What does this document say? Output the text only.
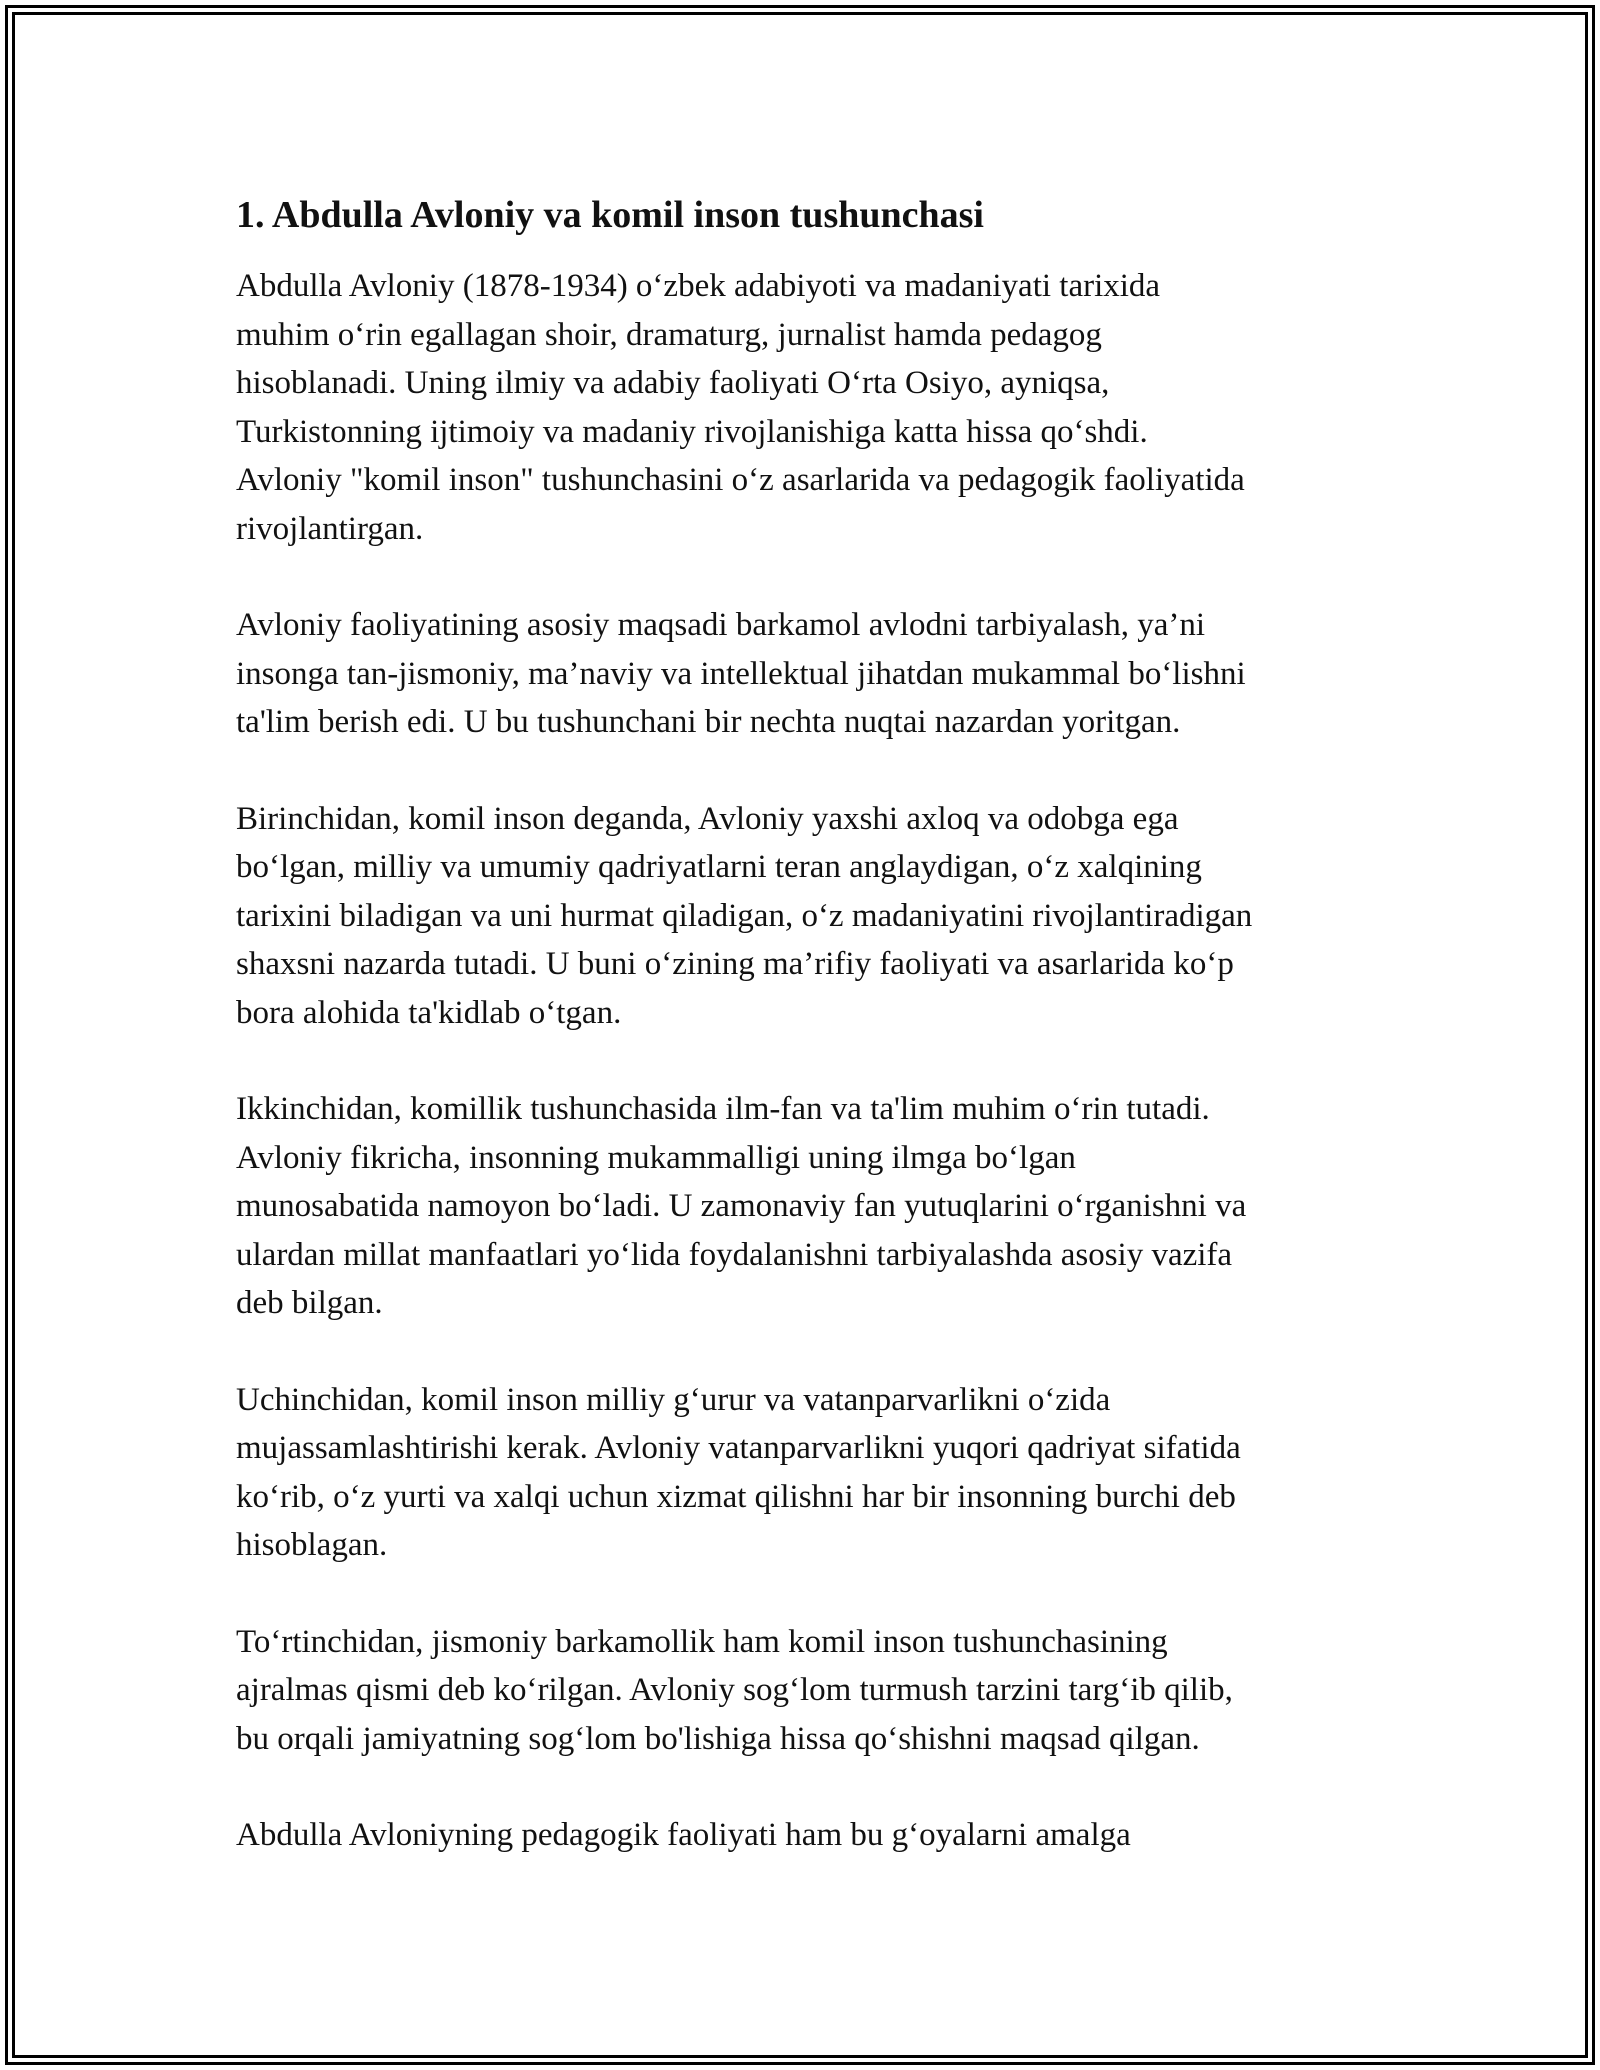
1. Abdulla Avloniy va komil inson tushunchasi

Abdulla Avloniy (1878-1934) o‘zbek adabiyoti va madaniyati tarixida
muhim o‘rin egallagan shoir, dramaturg, jurnalist hamda pedagog
hisoblanadi. Uning ilmiy va adabiy faoliyati O‘rta Osiyo, ayniqsa,
Turkistonning ijtimoiy va madaniy rivojlanishiga katta hissa qo‘shdi.
Avloniy "komil inson" tushunchasini o‘z asarlarida va pedagogik faoliyatida
rivojlantirgan.

Avloniy faoliyatining asosiy maqsadi barkamol avlodni tarbiyalash, ya’ni
insonga tan-jismoniy, ma’naviy va intellektual jihatdan mukammal bo‘lishni
ta'lim berish edi. U bu tushunchani bir nechta nuqtai nazardan yoritgan.

Birinchidan, komil inson deganda, Avloniy yaxshi axloq va odobga ega
bo‘lgan, milliy va umumiy qadriyatlarni teran anglaydigan, o‘z xalqining
tarixini biladigan va uni hurmat qiladigan, o‘z madaniyatini rivojlantiradigan
shaxsni nazarda tutadi. U buni o‘zining ma’rifiy faoliyati va asarlarida ko‘p
bora alohida ta'kidlab o‘tgan.

Ikkinchidan, komillik tushunchasida ilm-fan va ta'lim muhim o‘rin tutadi.
Avloniy fikricha, insonning mukammalligi uning ilmga bo‘lgan
munosabatida namoyon bo‘ladi. U zamonaviy fan yutuqlarini o‘rganishni va
ulardan millat manfaatlari yo‘lida foydalanishni tarbiyalashda asosiy vazifa
deb bilgan.

Uchinchidan, komil inson milliy g‘urur va vatanparvarlikni o‘zida
mujassamlashtirishi kerak. Avloniy vatanparvarlikni yuqori qadriyat sifatida
ko‘rib, o‘z yurti va xalqi uchun xizmat qilishni har bir insonning burchi deb
hisoblagan.

To‘rtinchidan, jismoniy barkamollik ham komil inson tushunchasining
ajralmas qismi deb ko‘rilgan. Avloniy sog‘lom turmush tarzini targ‘ib qilib,
bu orqali jamiyatning sog‘lom bo'lishiga hissa qo‘shishni maqsad qilgan.

Abdulla Avloniyning pedagogik faoliyati ham bu g‘oyalarni amalga
